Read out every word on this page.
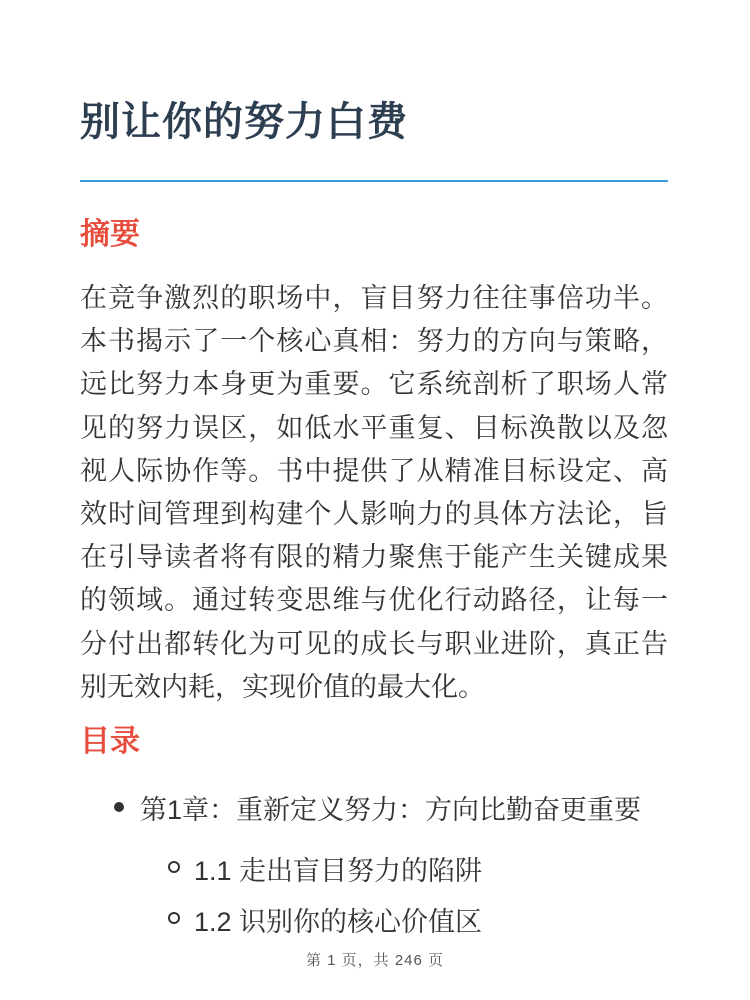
别让你的努力白费
摘要

在竞争激烈的职场中，盲目努力往往事倍功半。本书揭示了一个核心真相：努力的方向与策略，远比努力本身更为重要。它系统剖析了职场人常见的努力误区，如低水平重复、目标涣散以及忽视人际协作等。书中提供了从精准目标设定、高效时间管理到构建个人影响力的具体方法论，旨在引导读者将有限的精力聚焦于能产生关键成果的领域。通过转变思维与优化行动路径，让每一分付出都转化为可见的成长与职业进阶，真正告别无效内耗，实现价值的最大化。

目录
第1章：重新定义努力：方向比勤奋更重要
1.1 走出盲目努力的陷阱
1.2 识别你的核心价值区
第 1 页，共 246 页
